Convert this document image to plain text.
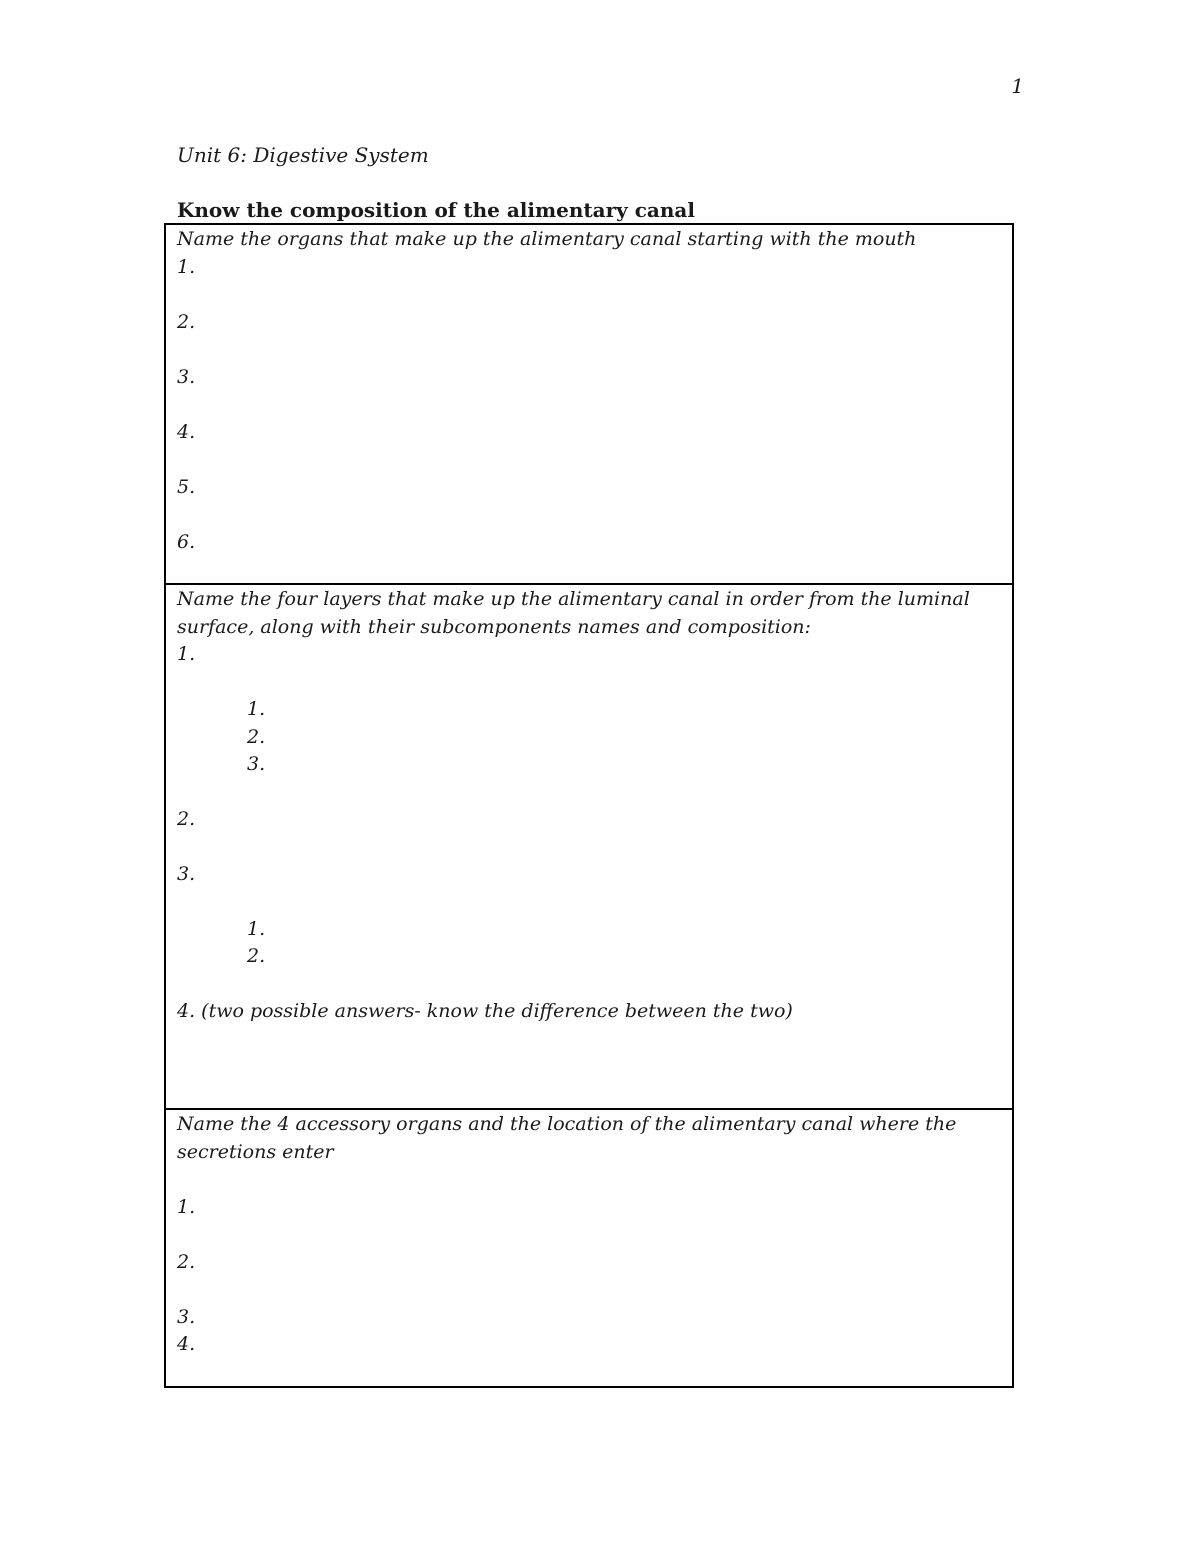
1
Unit 6: Digestive System
Know the composition of the alimentary canal
Name the organs that make up the alimentary canal starting with the mouth
1.
2.
3.
4.
5.
6.
Name the four layers that make up the alimentary canal in order from the luminal
surface, along with their subcomponents names and composition:
1.
1.
2.
3.
2.
3.
1.
2.
4. (two possible answers- know the difference between the two)
Name the 4 accessory organs and the location of the alimentary canal where the
secretions enter
1.
2.
3.
4.
